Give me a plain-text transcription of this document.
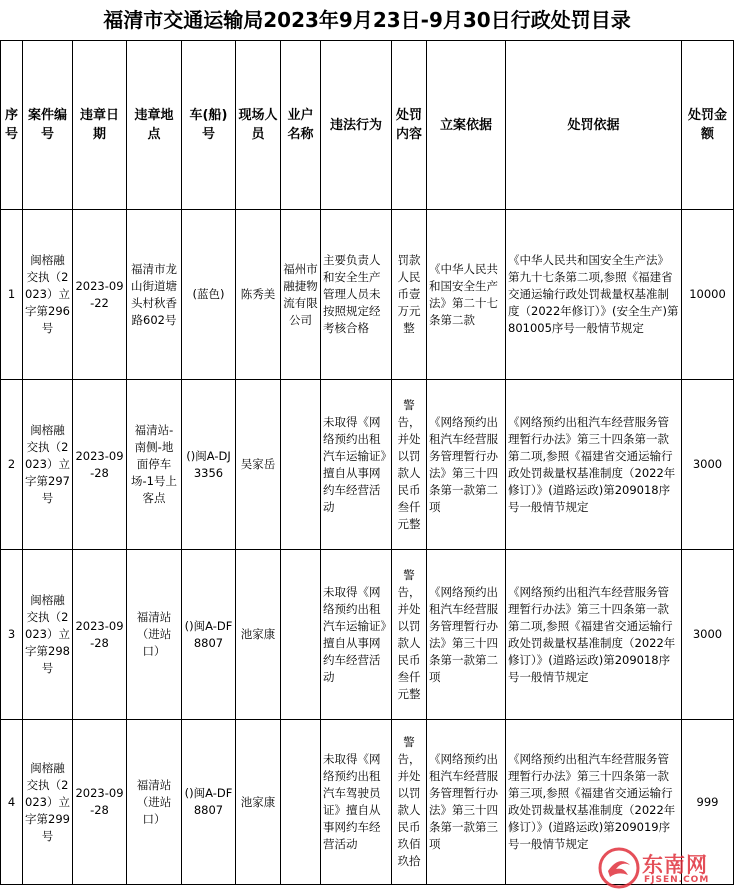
福清市交通运输局2023年9月23日-9月30日行政处罚目录
序号	案件编号	违章日期	违章地点	车(船)号	现场人员	业户名称	违法行为	处罚内容	立案依据	处罚依据	处罚金额
1	闽榕融交执（2023）立字第296号	2023-09-22	福清市龙山街道塘头村秋香路602号	(蓝色)	陈秀美	福州市融捷物流有限公司	主要负责人和安全生产管理人员未按照规定经考核合格	罚款人民币壹万元整	《中华人民共和国安全生产法》第二十七条第二款	《中华人民共和国安全生产法》第九十七条第二项,参照《福建省交通运输行政处罚裁量权基准制度（2022年修订）》(安全生产)第801005序号一般情节规定	10000
2	闽榕融交执（2023）立字第297号	2023-09-28	福清站-南侧-地面停车场-1号上客点	()闽A-DJ3356	吴家岳		未取得《网络预约出租汽车运输证》擅自从事网约车经营活动	警告，并处以罚款人民币叁仟元整	《网络预约出租汽车经营服务管理暂行办法》第三十四条第一款第二项	《网络预约出租汽车经营服务管理暂行办法》第三十四条第一款第二项,参照《福建省交通运输行政处罚裁量权基准制度（2022年修订）》(道路运政)第209018序号一般情节规定	3000
3	闽榕融交执（2023）立字第298号	2023-09-28	福清站（进站口）	()闽A-DF8807	池家康		未取得《网络预约出租汽车运输证》擅自从事网约车经营活动	警告，并处以罚款人民币叁仟元整	《网络预约出租汽车经营服务管理暂行办法》第三十四条第一款第二项	《网络预约出租汽车经营服务管理暂行办法》第三十四条第一款第二项,参照《福建省交通运输行政处罚裁量权基准制度（2022年修订）》(道路运政)第209018序号一般情节规定	3000
4	闽榕融交执（2023）立字第299号	2023-09-28	福清站（进站口）	()闽A-DF8807	池家康		未取得《网络预约出租汽车驾驶员证》擅自从事网约车经营活动	警告，并处以罚款人民币玖佰玖拾	《网络预约出租汽车经营服务管理暂行办法》第三十四条第一款第三项	《网络预约出租汽车经营服务管理暂行办法》第三十四条第一款第三项,参照《福建省交通运输行政处罚裁量权基准制度（2022年修订）》(道路运政)第209019序号一般情节规定	999
东南网
FJSEN.COM
